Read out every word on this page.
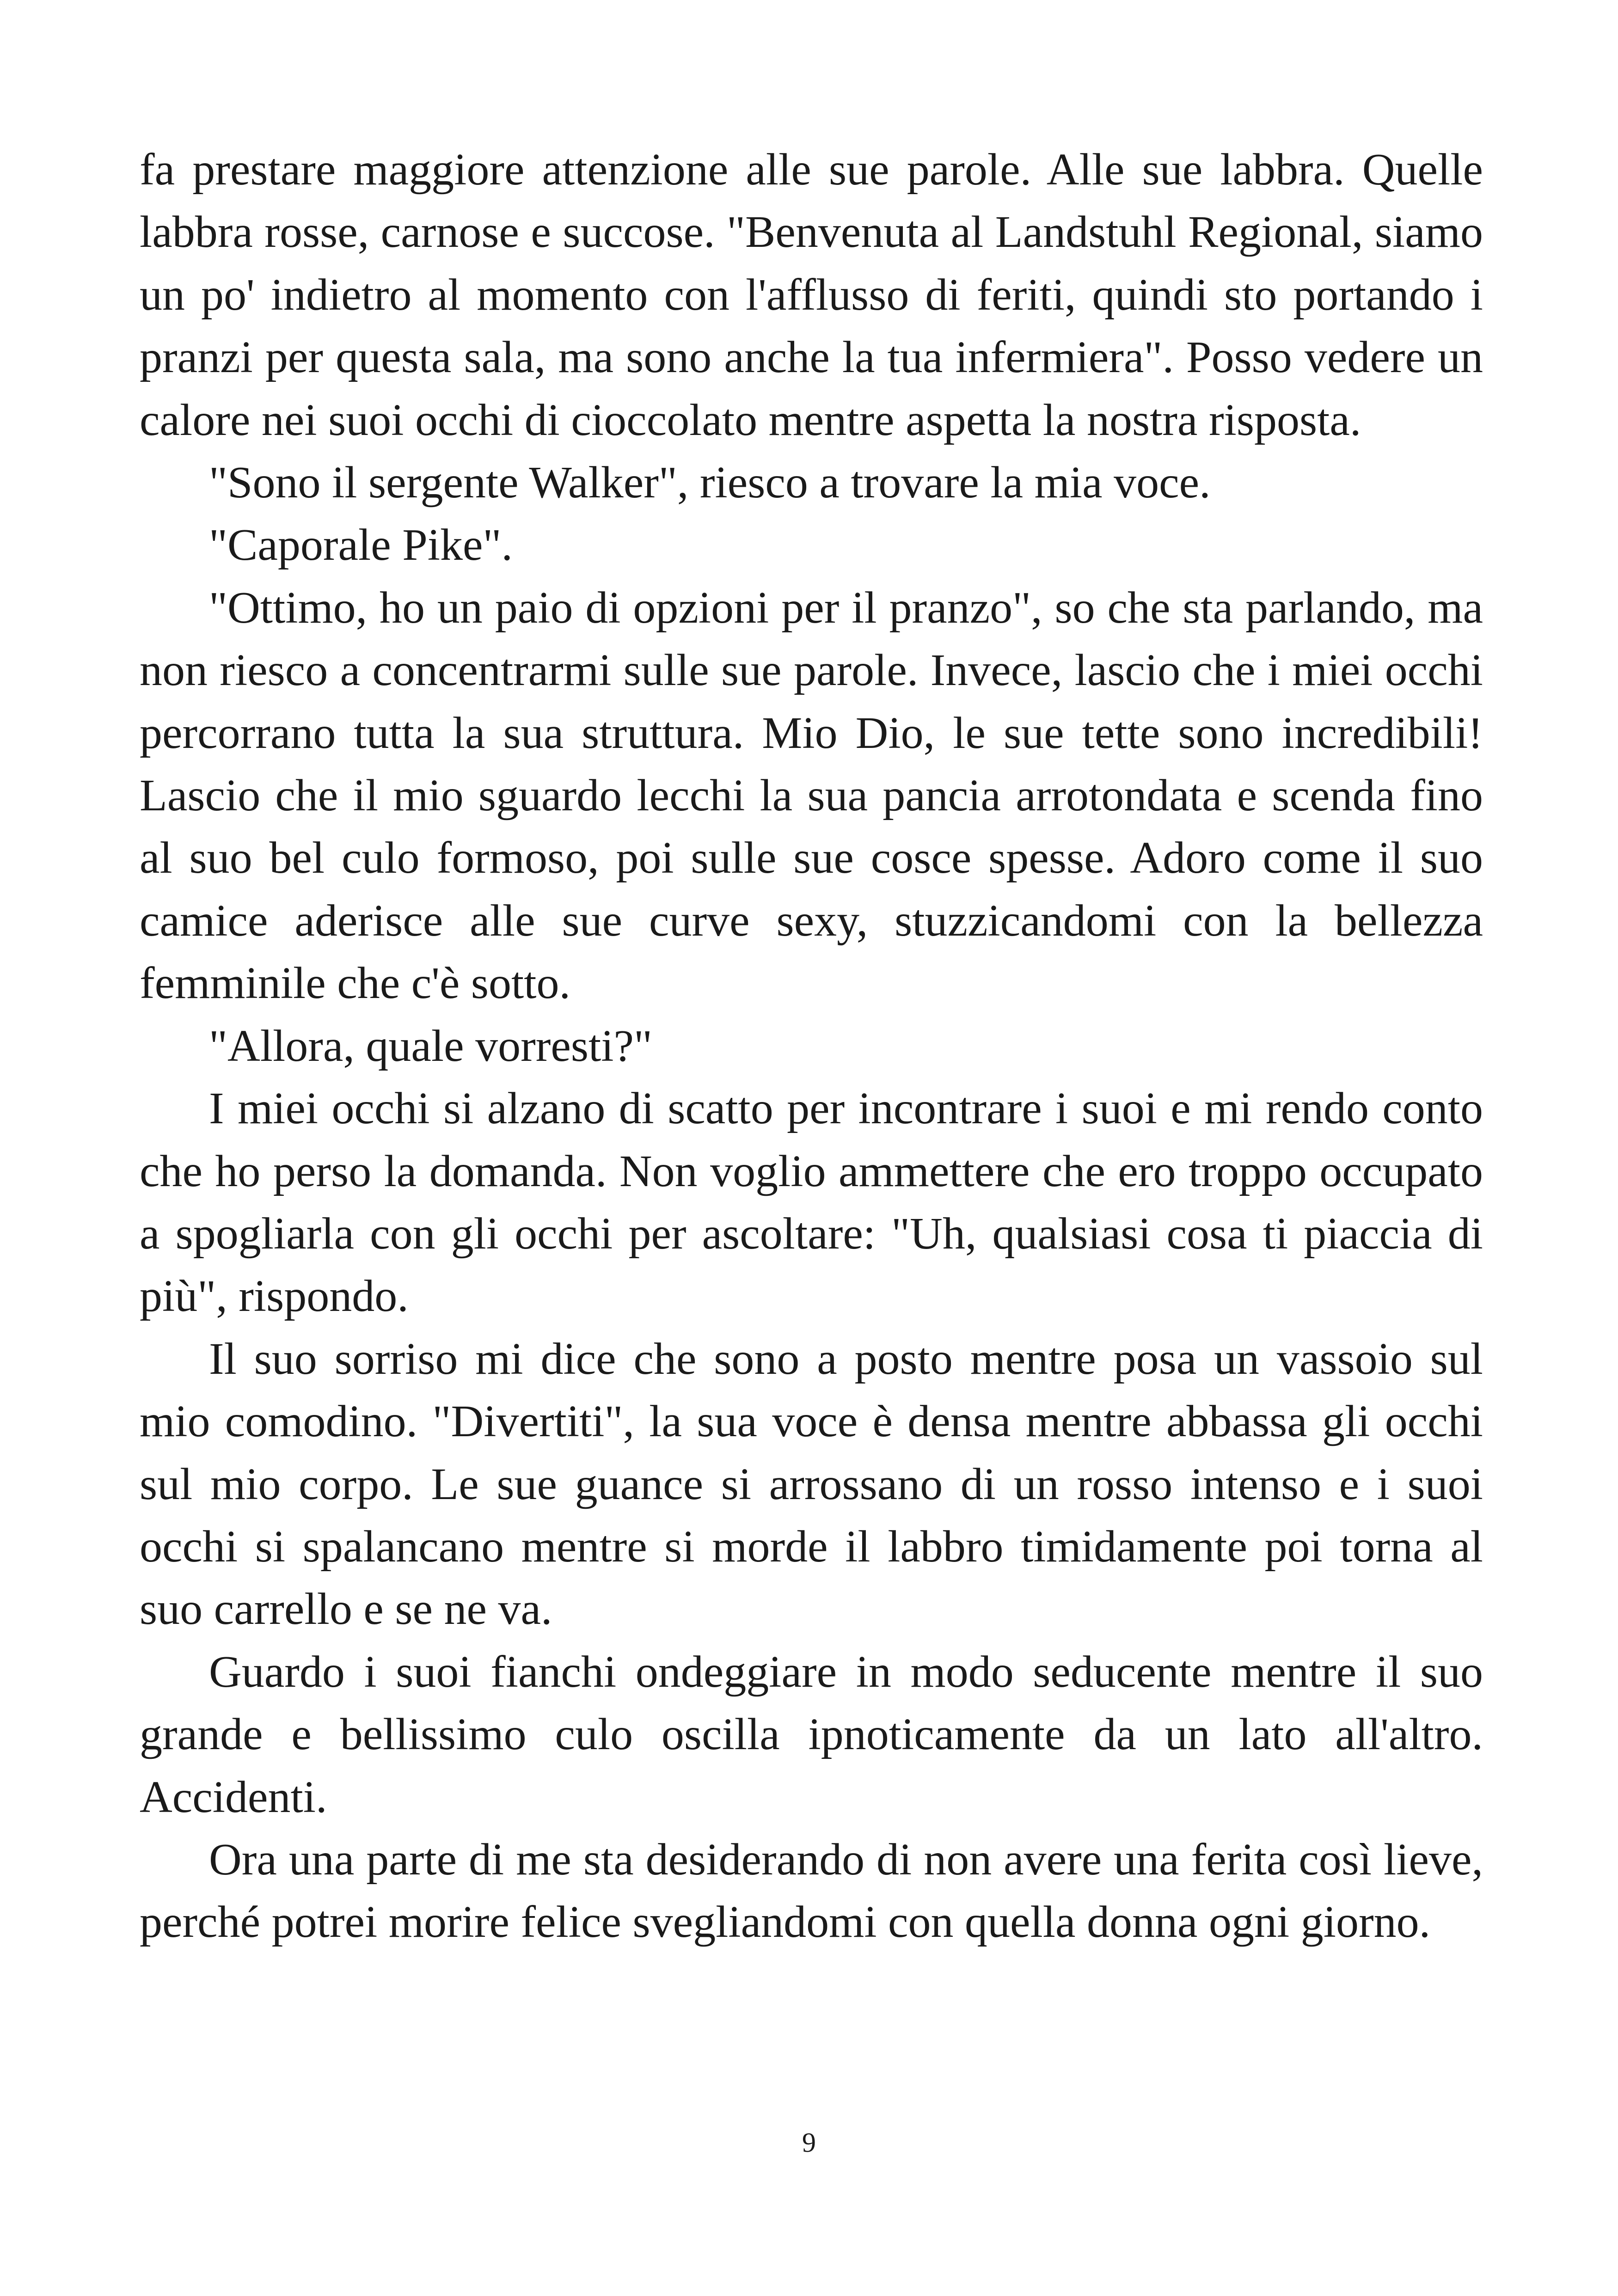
fa prestare maggiore attenzione alle sue parole. Alle sue labbra. Quelle labbra rosse, carnose e succose. "Benvenuta al Landstuhl Regional, siamo un po' indietro al momento con l'afflusso di feriti, quindi sto portando i pranzi per questa sala, ma sono anche la tua infermiera". Posso vedere un calore nei suoi occhi di cioccolato mentre aspetta la nostra risposta.

"Sono il sergente Walker", riesco a trovare la mia voce.

"Caporale Pike".

"Ottimo, ho un paio di opzioni per il pranzo", so che sta parlando, ma non riesco a concentrarmi sulle sue parole. Invece, lascio che i miei occhi percorrano tutta la sua struttura. Mio Dio, le sue tette sono incredibili! Lascio che il mio sguardo lecchi la sua pancia arrotondata e scenda fino al suo bel culo formoso, poi sulle sue cosce spesse. Adoro come il suo camice aderisce alle sue curve sexy, stuzzicandomi con la bellezza femminile che c'è sotto.

"Allora, quale vorresti?"

I miei occhi si alzano di scatto per incontrare i suoi e mi rendo conto che ho perso la domanda. Non voglio ammettere che ero troppo occupato a spogliarla con gli occhi per ascoltare: "Uh, qualsiasi cosa ti piaccia di più", rispondo.

Il suo sorriso mi dice che sono a posto mentre posa un vassoio sul mio comodino. "Divertiti", la sua voce è densa mentre abbassa gli occhi sul mio corpo. Le sue guance si arrossano di un rosso intenso e i suoi occhi si spalancano mentre si morde il labbro timidamente poi torna al suo carrello e se ne va.

Guardo i suoi fianchi ondeggiare in modo seducente mentre il suo grande e bellissimo culo oscilla ipnoticamente da un lato all'altro. Accidenti.

Ora una parte di me sta desiderando di non avere una ferita così lieve, perché potrei morire felice svegliandomi con quella donna ogni giorno.

9
